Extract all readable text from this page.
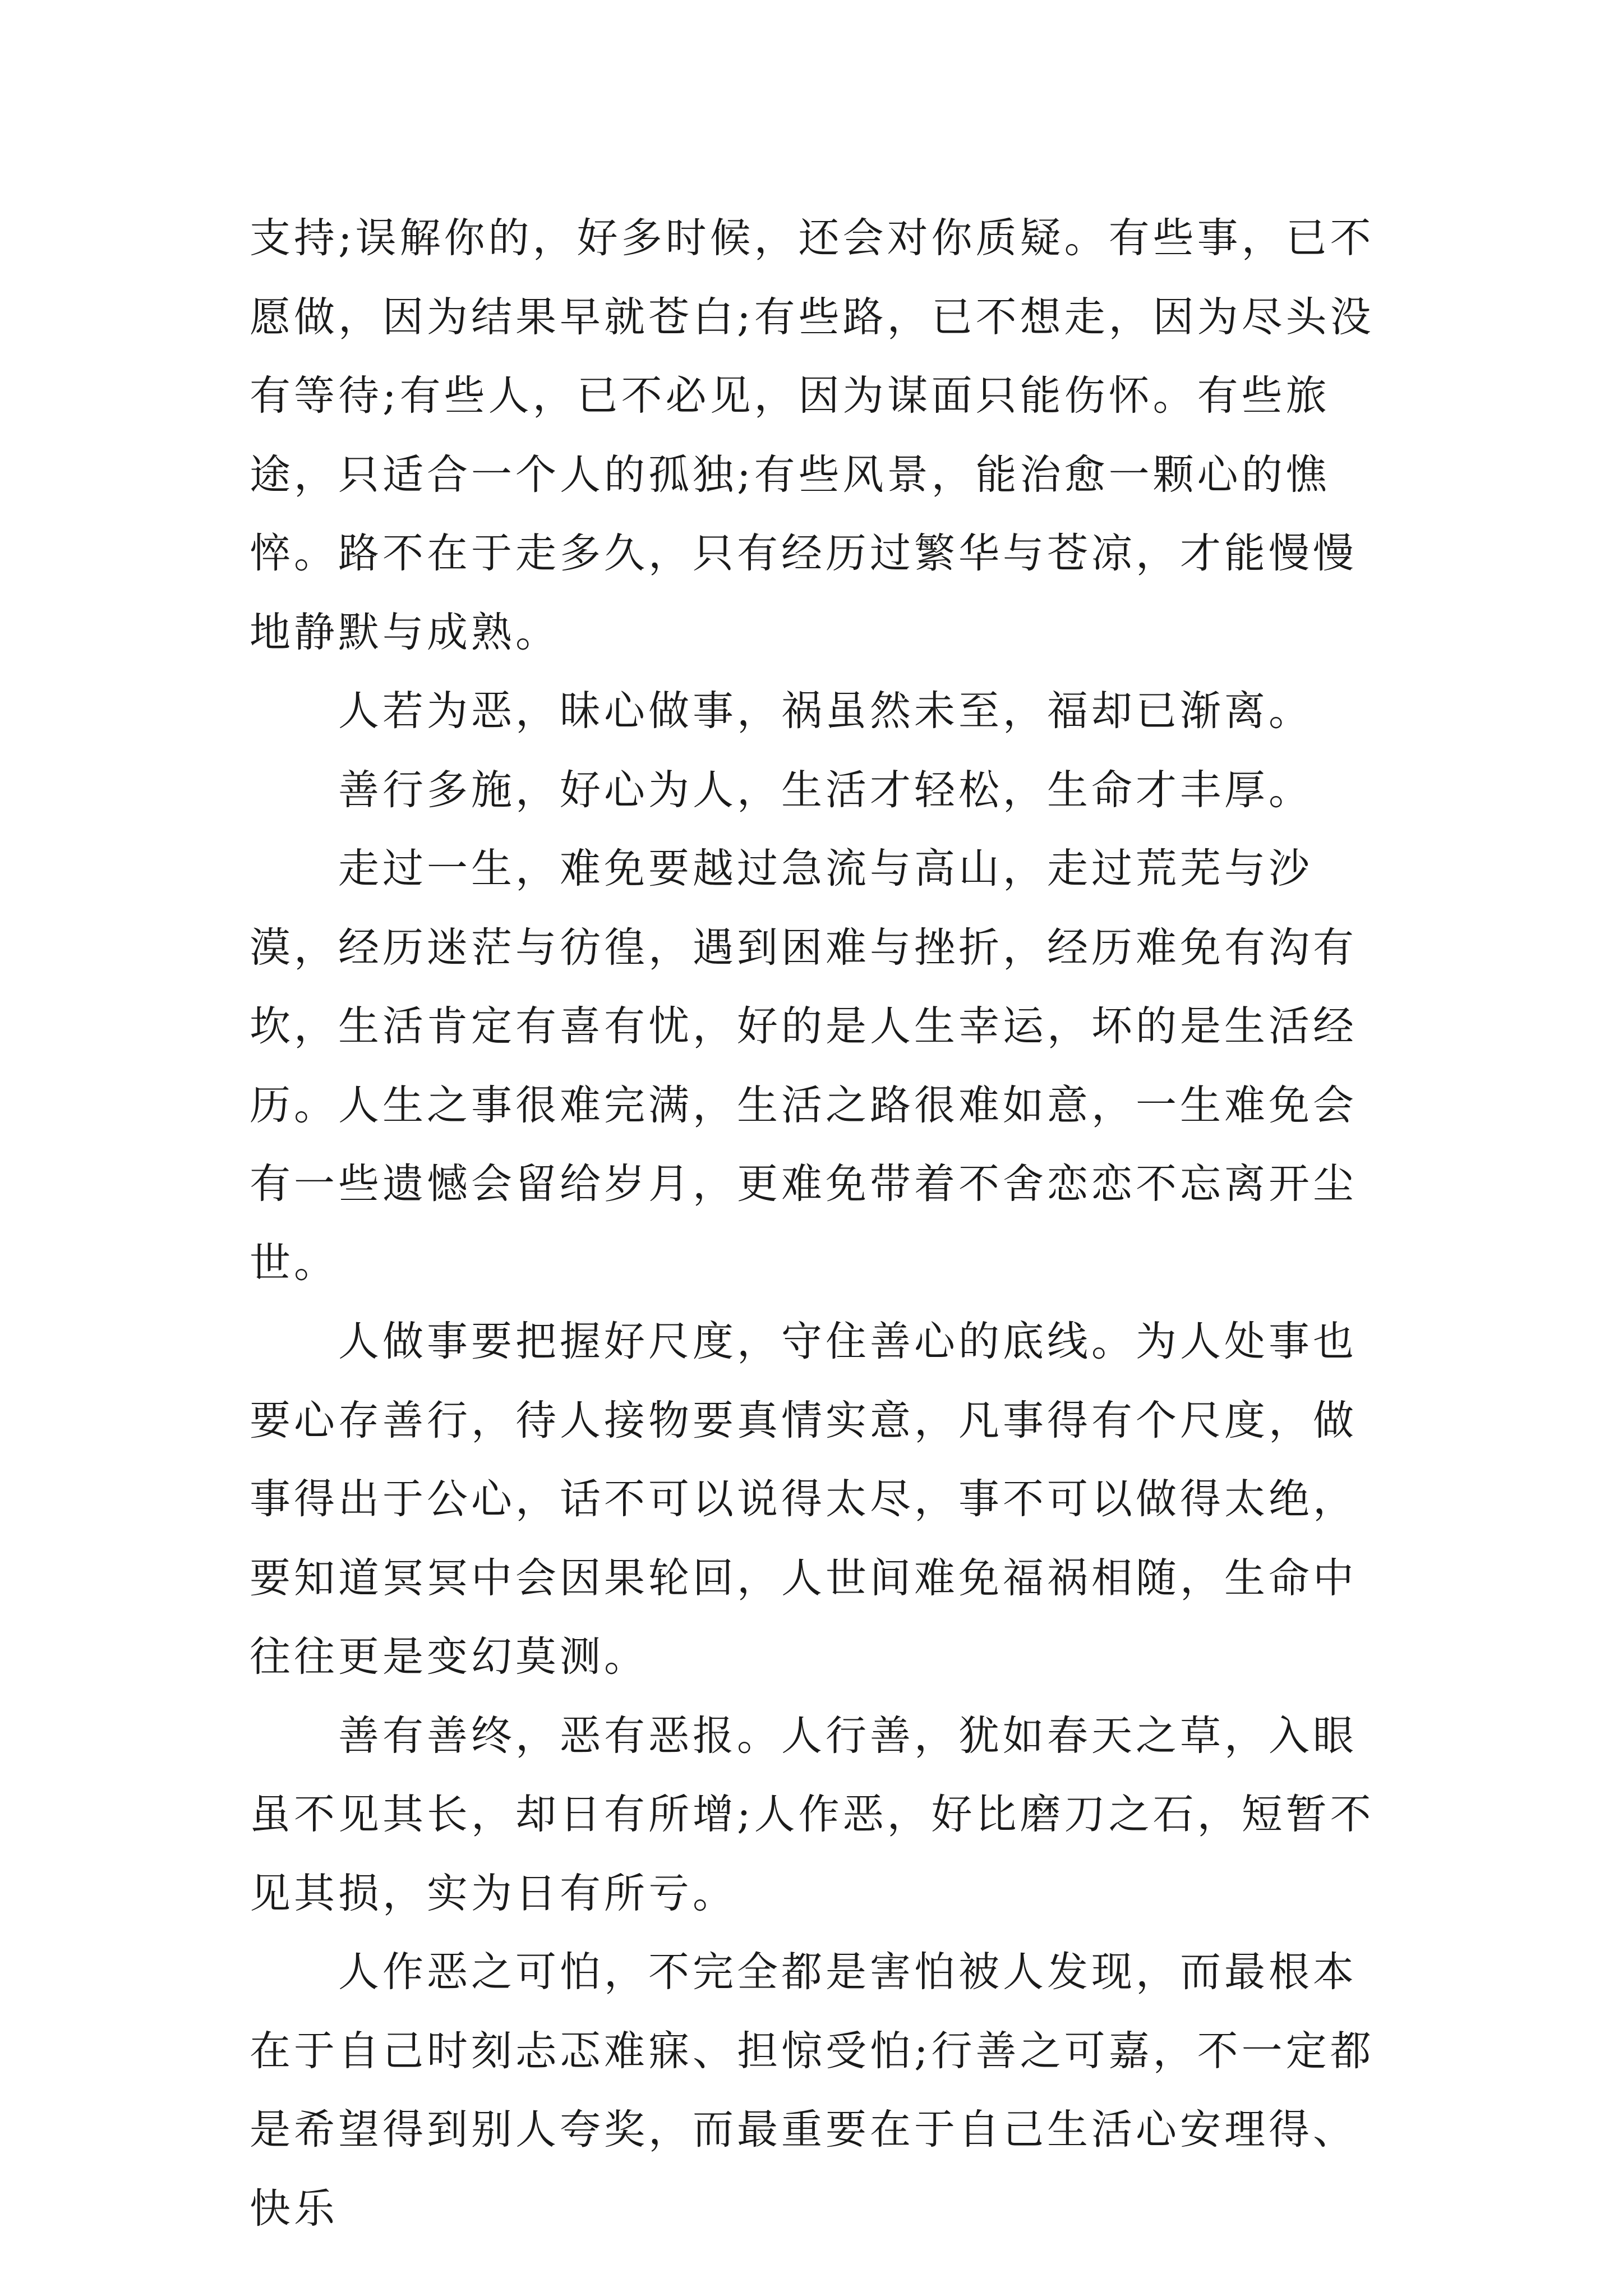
支持;误解你的，好多时候，还会对你质疑。有些事，已不愿做，因为结果早就苍白;有些路，已不想走，因为尽头没有等待;有些人，已不必见，因为谋面只能伤怀。有些旅途，只适合一个人的孤独;有些风景，能治愈一颗心的憔悴。路不在于走多久，只有经历过繁华与苍凉，才能慢慢地静默与成熟。

人若为恶，昧心做事，祸虽然未至，福却已渐离。

善行多施，好心为人，生活才轻松，生命才丰厚。

走过一生，难免要越过急流与高山，走过荒芜与沙漠，经历迷茫与彷徨，遇到困难与挫折，经历难免有沟有坎，生活肯定有喜有忧，好的是人生幸运，坏的是生活经历。人生之事很难完满，生活之路很难如意，一生难免会有一些遗憾会留给岁月，更难免带着不舍恋恋不忘离开尘世。

人做事要把握好尺度，守住善心的底线。为人处事也要心存善行，待人接物要真情实意，凡事得有个尺度，做事得出于公心，话不可以说得太尽，事不可以做得太绝，要知道冥冥中会因果轮回，人世间难免福祸相随，生命中往往更是变幻莫测。

善有善终，恶有恶报。人行善，犹如春天之草，入眼虽不见其长，却日有所增;人作恶，好比磨刀之石，短暂不见其损，实为日有所亏。

人作恶之可怕，不完全都是害怕被人发现，而最根本在于自己时刻忐忑难寐、担惊受怕;行善之可嘉，不一定都是希望得到别人夸奖，而最重要在于自己生活心安理得、快乐
